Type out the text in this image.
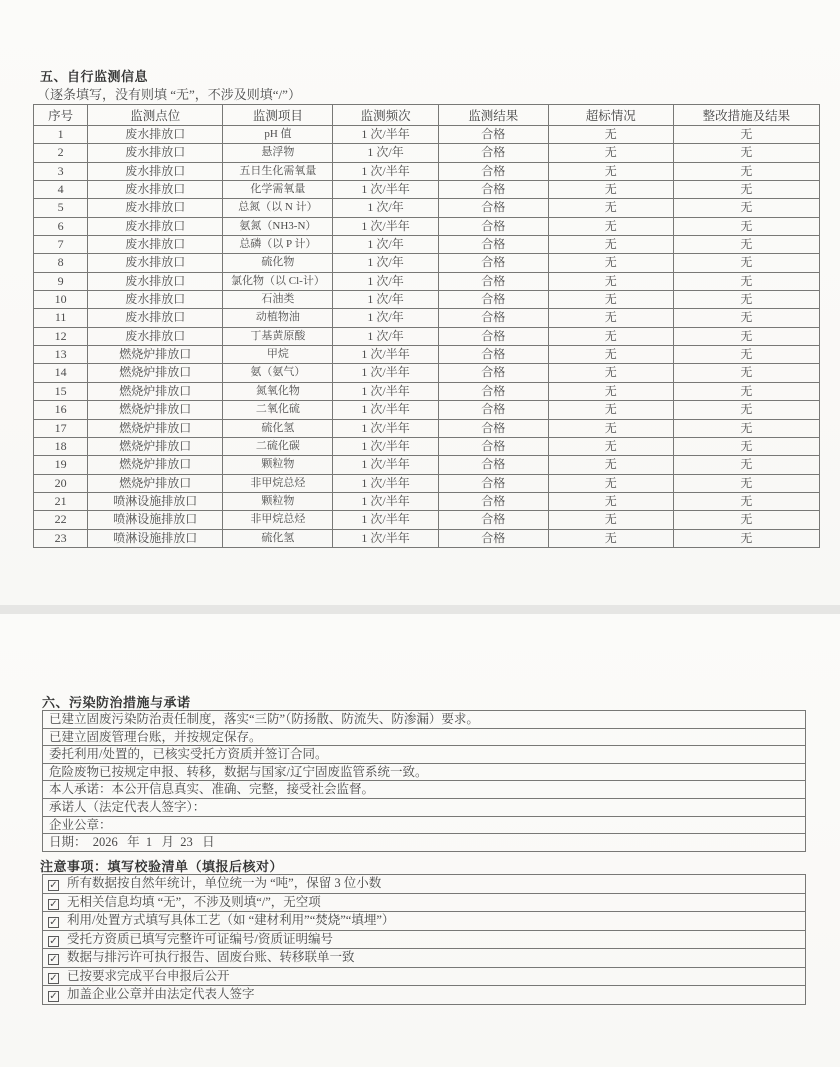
五、自行监测信息
（逐条填写，没有则填 “无”，不涉及则填“/”）
序号	监测点位	监测项目	监测频次	监测结果	超标情况	整改措施及结果
1	废水排放口	pH 值	1 次/半年	合格	无	无
2	废水排放口	悬浮物	1 次/年	合格	无	无
3	废水排放口	五日生化需氧量	1 次/半年	合格	无	无
4	废水排放口	化学需氧量	1 次/半年	合格	无	无
5	废水排放口	总氮（以 N 计）	1 次/年	合格	无	无
6	废水排放口	氨氮（NH3-N）	1 次/半年	合格	无	无
7	废水排放口	总磷（以 P 计）	1 次/年	合格	无	无
8	废水排放口	硫化物	1 次/年	合格	无	无
9	废水排放口	氯化物（以 Cl-计）	1 次/年	合格	无	无
10	废水排放口	石油类	1 次/年	合格	无	无
11	废水排放口	动植物油	1 次/年	合格	无	无
12	废水排放口	丁基黄原酸	1 次/年	合格	无	无
13	燃烧炉排放口	甲烷	1 次/半年	合格	无	无
14	燃烧炉排放口	氨（氨气）	1 次/半年	合格	无	无
15	燃烧炉排放口	氮氧化物	1 次/半年	合格	无	无
16	燃烧炉排放口	二氧化硫	1 次/半年	合格	无	无
17	燃烧炉排放口	硫化氢	1 次/半年	合格	无	无
18	燃烧炉排放口	二硫化碳	1 次/半年	合格	无	无
19	燃烧炉排放口	颗粒物	1 次/半年	合格	无	无
20	燃烧炉排放口	非甲烷总烃	1 次/半年	合格	无	无
21	喷淋设施排放口	颗粒物	1 次/半年	合格	无	无
22	喷淋设施排放口	非甲烷总烃	1 次/半年	合格	无	无
23	喷淋设施排放口	硫化氢	1 次/半年	合格	无	无
六、污染防治措施与承诺
已建立固废污染防治责任制度，落实“三防”（防扬散、防流失、防渗漏）要求。
已建立固废管理台账，并按规定保存。
委托利用/处置的，已核实受托方资质并签订合同。
危险废物已按规定申报、转移，数据与国家/辽宁固废监管系统一致。
本人承诺：本公开信息真实、准确、完整，接受社会监督。
承诺人（法定代表人签字）：
企业公章：
日期：  2026   年  1   月  23   日
注意事项：填写校验清单（填报后核对）
✓ 所有数据按自然年统计，单位统一为 “吨”，保留 3 位小数
✓ 无相关信息均填 “无”，不涉及则填“/”，无空项
✓ 利用/处置方式填写具体工艺（如 “建材利用”“焚烧”“填埋”）
✓ 受托方资质已填写完整许可证编号/资质证明编号
✓ 数据与排污许可执行报告、固废台账、转移联单一致
✓ 已按要求完成平台申报后公开
✓ 加盖企业公章并由法定代表人签字
